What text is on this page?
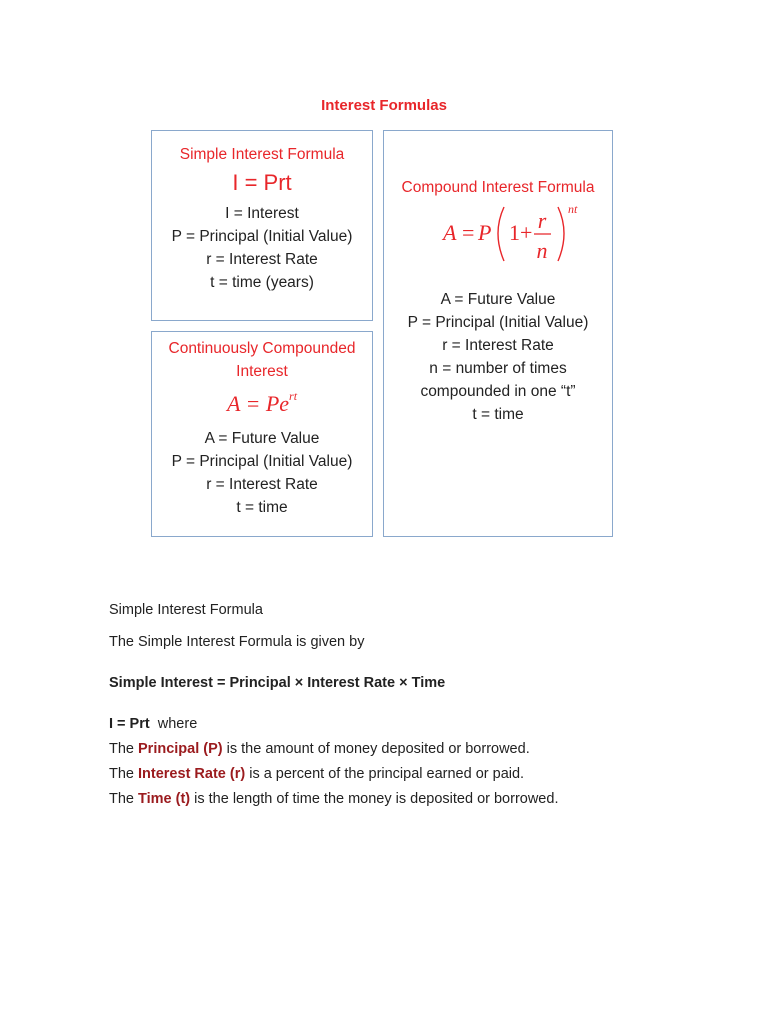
Interest Formulas
Simple Interest Formula
I = Prt
I = Interest
P = Principal (Initial Value)
r = Interest Rate
t = time (years)
Compound Interest Formula
A = P 1+ r
n
nt
A = Future Value
P = Principal (Initial Value)
r = Interest Rate
n = number of times
compounded in one “t”
t = time
Continuously Compounded
Interest
$A = Pe^{rt}$
A = Future Value
P = Principal (Initial Value)
r = Interest Rate
t = time
Simple Interest Formula
The Simple Interest Formula is given by
Simple Interest = Principal × Interest Rate × Time
I = Prt  where
The Principal (P) is the amount of money deposited or borrowed.
The Interest Rate (r) is a percent of the principal earned or paid.
The Time (t) is the length of time the money is deposited or borrowed.
